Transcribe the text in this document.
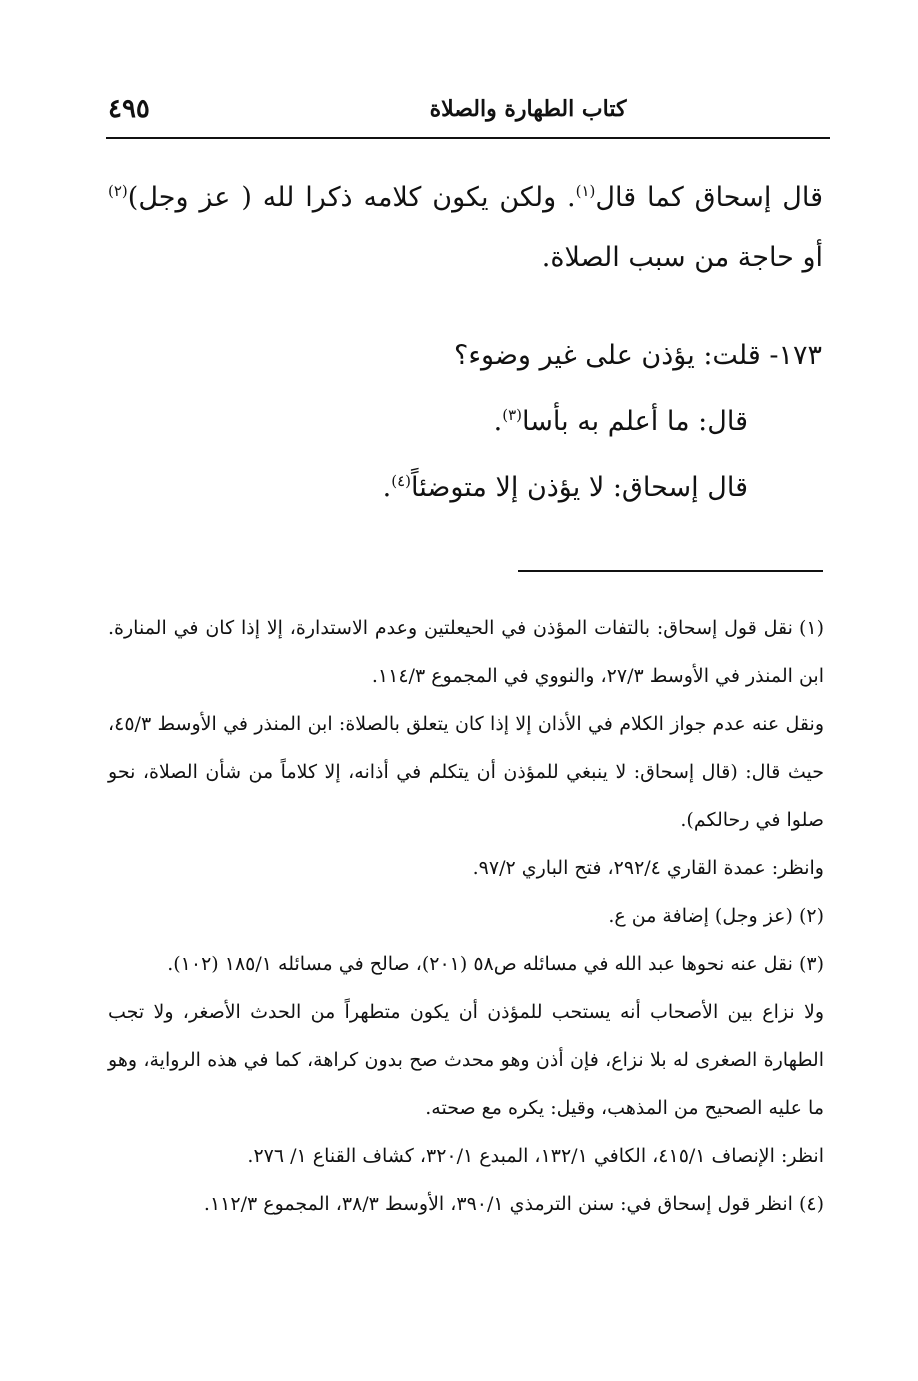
كتاب الطهارة والصلاة
٤٩٥

قال إسحاق كما قال$^{(١)}$. ولكن يكون كلامه ذكرا لله ( عز وجل)$^{(٢)}$ أو حاجة من سبب الصلاة.

١٧٣- قلت: يؤذن على غير وضوء؟
قال: ما أعلم به بأسا$^{(٣)}$.
قال إسحاق: لا يؤذن إلا متوضئاً$^{(٤)}$.

(١)نقل قول إسحاق: بالتفات المؤذن في الحيعلتين وعدم الاستدارة، إلا إذا كان في المنارة. ابن المنذر في الأوسط ٢٧/٣، والنووي في المجموع ١١٤/٣.

ونقل عنه عدم جواز الكلام في الأذان إلا إذا كان يتعلق بالصلاة: ابن المنذر في الأوسط ٤٥/٣، حيث قال: (قال إسحاق: لا ينبغي للمؤذن أن يتكلم في أذانه، إلا كلاماً من شأن الصلاة، نحو صلوا في رحالكم).

وانظر: عمدة القاري ٢٩٢/٤، فتح الباري ٩٧/٢.

(٢)(عز وجل) إضافة من ع.

(٣)نقل عنه نحوها عبد الله في مسائله ص٥٨ (٢٠١)، صالح في مسائله ١٨٥/١ (١٠٢).

ولا نزاع بين الأصحاب أنه يستحب للمؤذن أن يكون متطهراً من الحدث الأصغر، ولا تجب الطهارة الصغرى له بلا نزاع، فإن أذن وهو محدث صح بدون كراهة، كما في هذه الرواية، وهو ما عليه الصحيح من المذهب، وقيل: يكره مع صحته.

انظر: الإنصاف ٤١٥/١، الكافي ١٣٢/١، المبدع ٣٢٠/١، كشاف القناع ١/ ٢٧٦.

(٤)انظر قول إسحاق في: سنن الترمذي ٣٩٠/١، الأوسط ٣٨/٣، المجموع ١١٢/٣.
